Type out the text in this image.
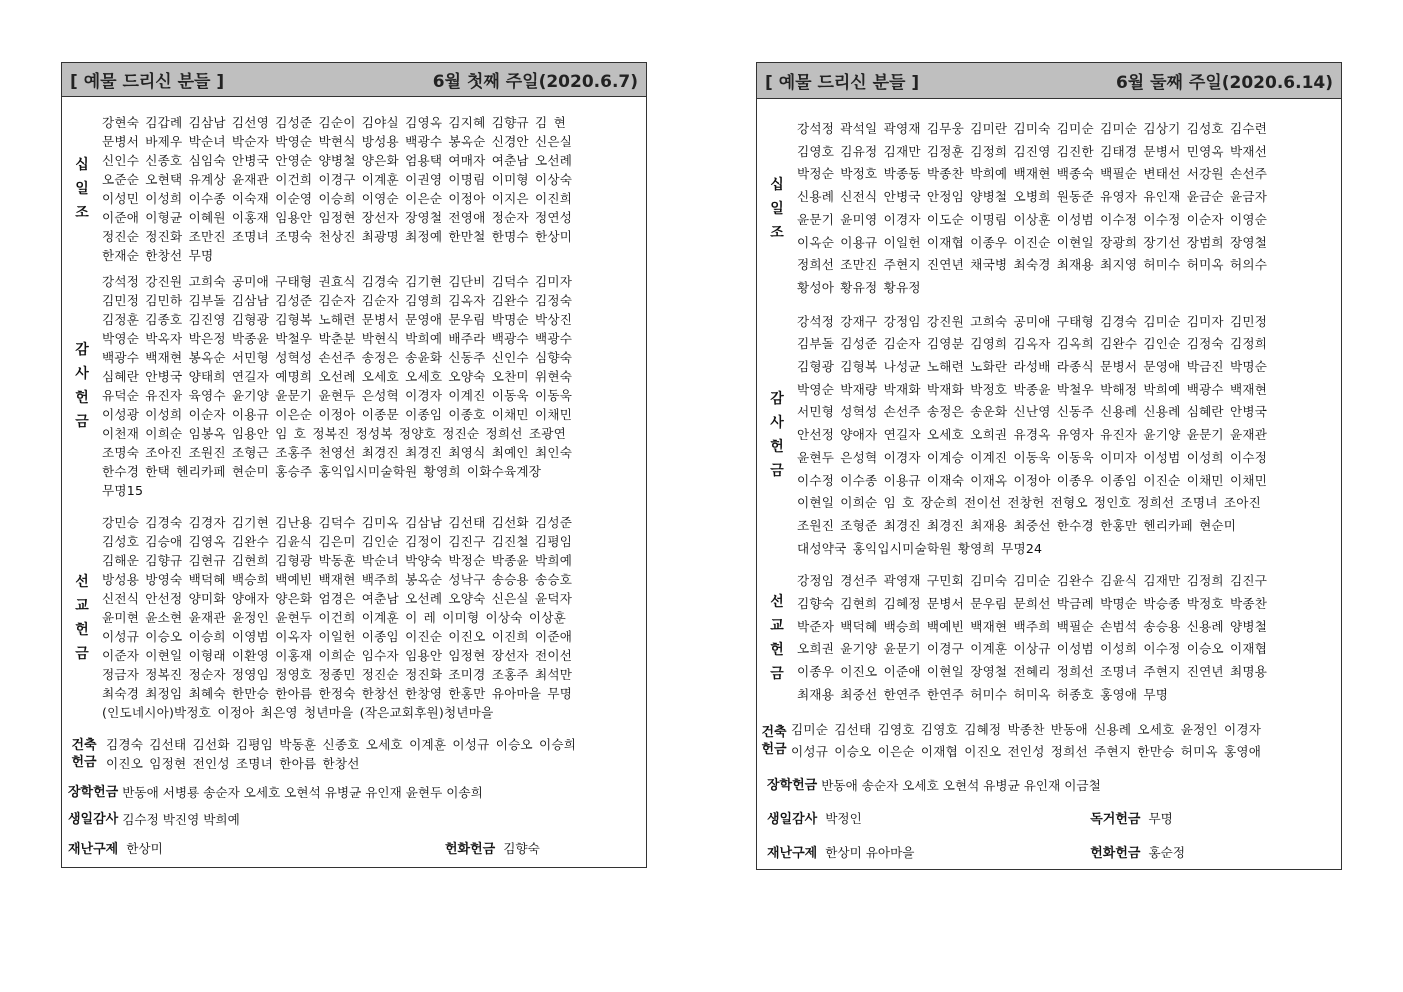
[ 예물 드리신 분들 ]	6월 첫째 주일(2020.6.7)
십
일
조
강현숙 김갑례 김삼남 김선영 김성준 김순이 김야실 김영옥 김지혜 김향규 김 현
문병서 바제우 박순녀 박순자 박영순 박현식 방성용 백광수 봉옥순 신경안 신은실
신인수 신종호 심임숙 안병국 안영순 양병철 양은화 엄용택 여매자 여춘남 오선례
오준순 오현택 유계상 윤재관 이건희 이경구 이계훈 이권영 이명림 이미형 이상숙
이성민 이성희 이수종 이숙재 이순영 이승희 이영순 이은순 이정아 이지은 이진희
이준애 이형균 이혜원 이홍재 임용안 임정현 장선자 장영철 전영애 정순자 정연성
정진순 정진화 조만진 조명녀 조명숙 천상진 최광명 최정예 한만철 한명수 한상미
한재순 한창선 무명
감
사
헌
금
강석정 강진원 고희숙 공미애 구태형 권효식 김경숙 김기현 김단비 김덕수 김미자
김민정 김민하 김부돌 김삼남 김성준 김순자 김순자 김영희 김옥자 김완수 김정숙
김정훈 김종호 김진영 김형광 김형복 노해련 문병서 문영애 문우림 박명순 박상진
박영순 박옥자 박은정 박종윤 박철우 박춘분 박현식 박희예 배주라 백광수 백광수
백광수 백재현 봉옥순 서민형 성혁성 손선주 송정은 송윤화 신동주 신인수 심향숙
심혜란 안병국 양태희 연길자 예명희 오선례 오세호 오세호 오양숙 오찬미 위현숙
유덕순 유진자 육영수 윤기양 윤문기 윤현두 은성혁 이경자 이계진 이동욱 이동욱
이성광 이성희 이순자 이용규 이은순 이정아 이종문 이종임 이종호 이채민 이채민
이천재 이희순 임봉옥 임용안 임 호 정복진 정성복 정양호 정진순 정희선 조광연
조명숙 조아진 조원진 조형근 조홍주 천영선 최경진 최경진 최영식 최예인 최인숙
한수경 한택 헨리카페 현순미 홍승주 홍익입시미술학원 황영희 이화수육계장
무명15
선
교
헌
금
강민승 김경숙 김경자 김기현 김난용 김덕수 김미옥 김삼남 김선태 김선화 김성준
김성호 김승애 김영옥 김완수 김윤식 김은미 김인순 김정이 김진구 김진철 김평임
김해운 김향규 김현규 김현희 김형광 박동훈 박순녀 박양숙 박정순 박종윤 박희예
방성용 방영숙 백덕혜 백승희 백예빈 백재현 백주희 봉옥순 성낙구 송승용 송승호
신전식 안선정 양미화 양애자 양은화 엄경은 여춘남 오선례 오양숙 신은실 윤덕자
윤미현 윤소현 윤재관 윤정인 윤현두 이건희 이계훈 이 레 이미형 이상숙 이상훈
이성규 이승오 이승희 이영범 이옥자 이일헌 이종임 이진순 이진오 이진희 이준애
이준자 이현일 이형래 이환영 이홍재 이희순 임수자 임용안 임정현 장선자 전이선
정금자 정복진 정순자 정영임 정영호 정종민 정진순 정진화 조미경 조홍주 최석만
최숙경 최정임 최혜숙 한만승 한아름 한정숙 한창선 한창영 한홍만 유아마을 무명
(인도네시아)박정호 이정아 최은영 청년마을 (작은교회후원)청년마을
건축
헌금
김경숙 김선태 김선화 김평임 박동훈 신종호 오세호 이계훈 이성규 이승오 이승희
이진오 임정현 전인성 조명녀 한아름 한창선
장학헌금 반동애 서병룡 송순자 오세호 오현석 유병균 유인재 윤현두 이송희
생일감사 김수정 박진영 박희예
재난구제 한상미	헌화헌금 김향숙
[ 예물 드리신 분들 ]	6월 둘째 주일(2020.6.14)
십
일
조
강석정 곽석일 곽영재 김무웅 김미란 김미숙 김미순 김미순 김상기 김성호 김수련
김영호 김유정 김재만 김정훈 김정희 김진영 김진한 김태경 문병서 민영옥 박재선
박정순 박정호 박종동 박종찬 박희예 백재현 백종숙 백필순 변태선 서강원 손선주
신용례 신전식 안병국 안정임 양병철 오병희 원동준 유영자 유인재 윤금순 윤금자
윤문기 윤미영 이경자 이도순 이명림 이상훈 이성범 이수정 이수정 이순자 이영순
이옥순 이용규 이일헌 이재협 이종우 이진순 이현일 장광희 장기선 장범희 장영철
정희선 조만진 주현지 진연년 채국병 최숙경 최재용 최지영 허미수 허미옥 허의수
황성아 황유정 황유정
감
사
헌
금
강석정 강재구 강정임 강진원 고희숙 공미애 구태형 김경숙 김미순 김미자 김민정
김부돌 김성준 김순자 김영분 김영희 김옥자 김옥희 김완수 김인순 김정숙 김정희
김형광 김형복 나성균 노해련 노화란 라성배 라종식 문병서 문영애 박금진 박명순
박영순 박재량 박재화 박재화 박정호 박종윤 박철우 박해정 박희예 백광수 백재현
서민형 성혁성 손선주 송정은 송운화 신난영 신동주 신용례 신용례 심혜란 안병국
안선정 양애자 연길자 오세호 오희권 유경옥 유영자 유진자 윤기양 윤문기 윤재관
윤현두 은성혁 이경자 이계승 이계진 이동욱 이동욱 이미자 이성범 이성희 이수정
이수정 이수종 이용규 이재숙 이재옥 이정아 이종우 이종임 이진순 이채민 이채민
이현일 이희순 임 호 장순희 전이선 전창헌 전형오 정인호 정희선 조명녀 조아진
조원진 조형준 최경진 최경진 최재용 최중선 한수경 한홍만 헨리카페 현순미
대성약국 홍익입시미술학원 황영희 무명24
선
교
헌
금
강정임 경선주 곽영재 구민회 김미숙 김미순 김완수 김윤식 김재만 김정희 김진구
김향숙 김현희 김혜정 문병서 문우림 문희선 박금례 박명순 박승종 박정호 박종찬
박준자 백덕혜 백승희 백예빈 백재현 백주희 백필순 손범석 송승용 신용례 양병철
오희권 윤기양 윤문기 이경구 이계훈 이상규 이성범 이성희 이수정 이승오 이재협
이종우 이진오 이준애 이현일 장영철 전혜리 정희선 조명녀 주현지 진연년 최명용
최재용 최중선 한연주 한연주 허미수 허미옥 허종호 홍영애 무명
건축
헌금
김미순 김선태 김영호 김영호 김혜정 박종찬 반동애 신용례 오세호 윤정인 이경자
이성규 이승오 이은순 이재협 이진오 전인성 정희선 주현지 한만승 허미옥 홍영애
장학헌금 반동애 송순자 오세호 오현석 유병균 유인재 이금철
생일감사 박정인	독거헌금 무명
재난구제 한상미 유아마을	헌화헌금 홍순정
